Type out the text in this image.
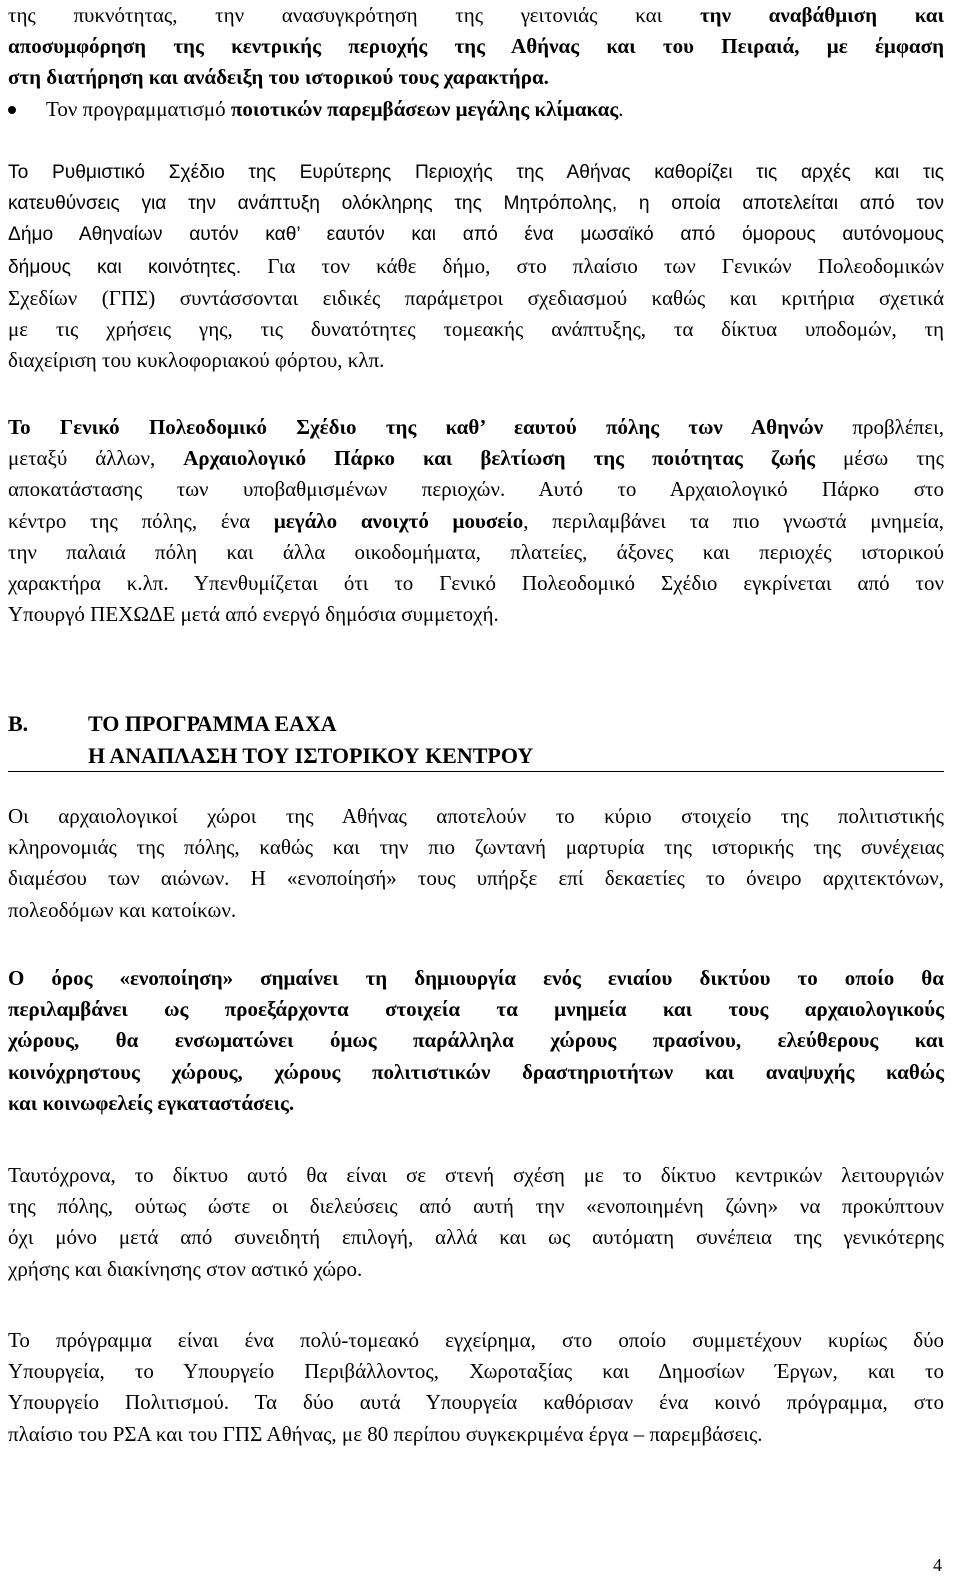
της πυκνότητας, την ανασυγκρότηση της γειτονιάς και την αναβάθμιση και
αποσυμφόρηση της κεντρικής περιοχής της Αθήνας και του Πειραιά, με έμφαση
στη διατήρηση και ανάδειξη του ιστορικού τους χαρακτήρα.
Τον προγραμματισμό ποιοτικών παρεμβάσεων μεγάλης κλίμακας.
Το Ρυθμιστικό Σχέδιο της Ευρύτερης Περιοχής της Αθήνας καθορίζει τις αρχές και τις
κατευθύνσεις για την ανάπτυξη ολόκληρης της Μητρόπολης, η οποία αποτελείται από τον
Δήμο Αθηναίων αυτόν καθ’ εαυτόν και από ένα μωσαϊκό από όμορους αυτόνομους
δήμους και κοινότητες. Για τον κάθε δήμο, στο πλαίσιο των Γενικών Πολεοδομικών
Σχεδίων (ΓΠΣ) συντάσσονται ειδικές παράμετροι σχεδιασμού καθώς και κριτήρια σχετικά
με τις χρήσεις γης, τις δυνατότητες τομεακής ανάπτυξης, τα δίκτυα υποδομών, τη
διαχείριση του κυκλοφοριακού φόρτου, κλπ.
Το Γενικό Πολεοδομικό Σχέδιο της καθ’ εαυτού πόλης των Αθηνών προβλέπει,
μεταξύ άλλων, Αρχαιολογικό Πάρκο και βελτίωση της ποιότητας ζωής μέσω της
αποκατάστασης των υποβαθμισμένων περιοχών. Αυτό το Αρχαιολογικό Πάρκο στο
κέντρο της πόλης, ένα μεγάλο ανοιχτό μουσείο, περιλαμβάνει τα πιο γνωστά μνημεία,
την παλαιά πόλη και άλλα οικοδομήματα, πλατείες, άξονες και περιοχές ιστορικού
χαρακτήρα κ.λπ. Υπενθυμίζεται ότι το Γενικό Πολεοδομικό Σχέδιο εγκρίνεται από τον
Υπουργό ΠΕΧΩΔΕ μετά από ενεργό δημόσια συμμετοχή.
Β.	ΤΟ ΠΡΟΓΡΑΜΜΑ ΕΑΧΑ
Η ΑΝΑΠΛΑΣΗ ΤΟΥ ΙΣΤΟΡΙΚΟΥ ΚΕΝΤΡΟΥ
Οι αρχαιολογικοί χώροι της Αθήνας αποτελούν το κύριο στοιχείο της πολιτιστικής
κληρονομιάς της πόλης, καθώς και την πιο ζωντανή μαρτυρία της ιστορικής της συνέχειας
διαμέσου των αιώνων. Η «ενοποίησή» τους υπήρξε επί δεκαετίες το όνειρο αρχιτεκτόνων,
πολεοδόμων και κατοίκων.
Ο όρος «ενοποίηση» σημαίνει τη δημιουργία ενός ενιαίου δικτύου το οποίο θα
περιλαμβάνει ως προεξάρχοντα στοιχεία τα μνημεία και τους αρχαιολογικούς
χώρους, θα ενσωματώνει όμως παράλληλα χώρους πρασίνου, ελεύθερους και
κοινόχρηστους χώρους, χώρους πολιτιστικών δραστηριοτήτων και αναψυχής καθώς
και κοινωφελείς εγκαταστάσεις.
Ταυτόχρονα, το δίκτυο αυτό θα είναι σε στενή σχέση με το δίκτυο κεντρικών λειτουργιών
της πόλης, ούτως ώστε οι διελεύσεις από αυτή την «ενοποιημένη ζώνη» να προκύπτουν
όχι μόνο μετά από συνειδητή επιλογή, αλλά και ως αυτόματη συνέπεια της γενικότερης
χρήσης και διακίνησης στον αστικό χώρο.
Το πρόγραμμα είναι ένα πολύ-τομεακό εγχείρημα, στο οποίο συμμετέχουν κυρίως δύο
Υπουργεία, το Υπουργείο Περιβάλλοντος, Χωροταξίας και Δημοσίων Έργων, και το
Υπουργείο Πολιτισμού. Τα δύο αυτά Υπουργεία καθόρισαν ένα κοινό πρόγραμμα, στο
πλαίσιο του ΡΣΑ και του ΓΠΣ Αθήνας, με 80 περίπου συγκεκριμένα έργα – παρεμβάσεις.
4
